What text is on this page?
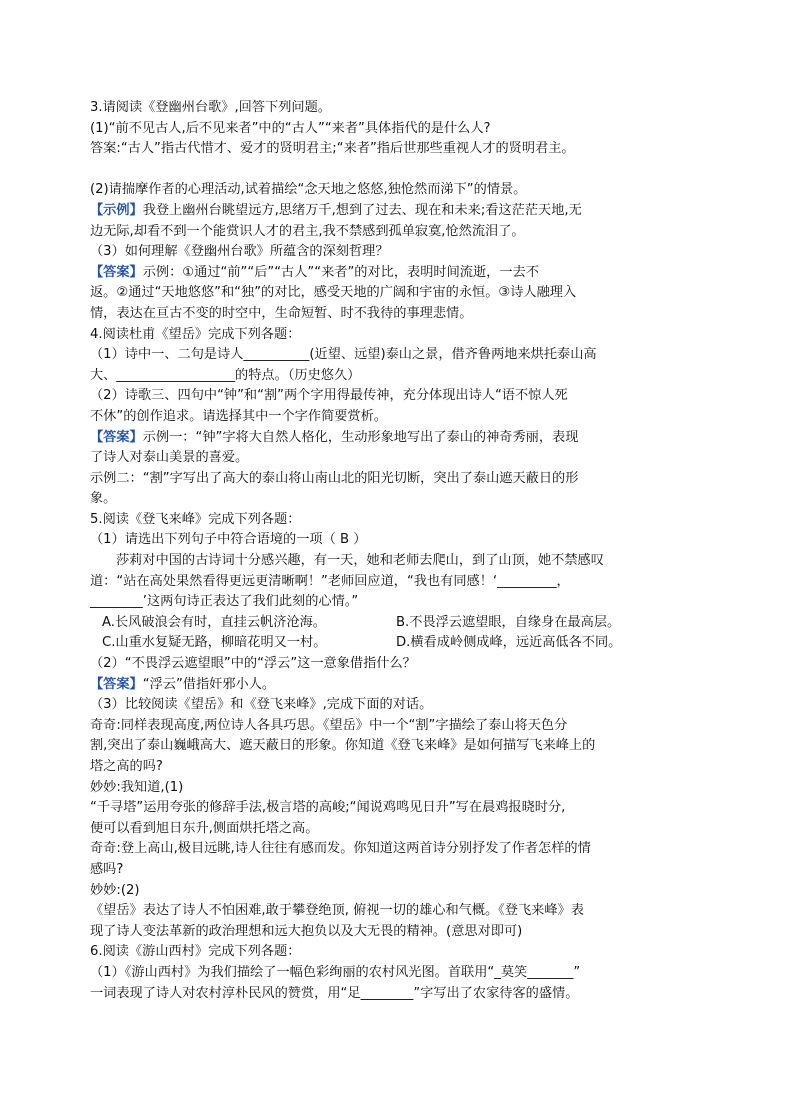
3.请阅读《登幽州台歌》,回答下列问题。
(1)“前不见古人,后不见来者”中的“古人”“来者”具体指代的是什么人?
答案:“古人”指古代惜才、爱才的贤明君主;“来者”指后世那些重视人才的贤明君主。
(2)请揣摩作者的心理活动,试着描绘“念天地之悠悠,独怆然而涕下”的情景。
【示例】我登上幽州台眺望远方,思绪万千,想到了过去、现在和未来;看这茫茫天地,无
边无际,却看不到一个能赏识人才的君主,我不禁感到孤单寂寞,怆然流泪了。
（3）如何理解《登幽州台歌》所蕴含的深刻哲理？
【答案】示例：①通过“前”“后”“古人”“来者”的对比，表明时间流逝，一去不
返。②通过“天地悠悠”和“独”的对比，感受天地的广阔和宇宙的永恒。③诗人融理入
情，表达在亘古不变的时空中，生命短暂、时不我待的事理悲情。
4.阅读杜甫《望岳》完成下列各题：
（1）诗中一、二句是诗人__________(近望、远望)泰山之景，借齐鲁两地来烘托泰山高
大、__________________的特点。（历史悠久）
（2）诗歌三、四句中“钟”和“割”两个字用得最传神，充分体现出诗人“语不惊人死
不休”的创作追求。请选择其中一个字作简要赏析。
【答案】示例一：“钟”字将大自然人格化，生动形象地写出了泰山的神奇秀丽，表现
了诗人对泰山美景的喜爱。
示例二：“割”字写出了高大的泰山将山南山北的阳光切断，突出了泰山遮天蔽日的形
象。
5.阅读《登飞来峰》完成下列各题：
（1）请选出下列句子中符合语境的一项（ B ）
莎莉对中国的古诗词十分感兴趣，有一天，她和老师去爬山，到了山顶，她不禁感叹
道：“站在高处果然看得更远更清晰啊！”老师回应道，“我也有同感！‘_________，
________’这两句诗正表达了我们此刻的心情。”
A.长风破浪会有时，直挂云帆济沧海。	B.不畏浮云遮望眼，自缘身在最高层。
C.山重水复疑无路，柳暗花明又一村。	D.横看成岭侧成峰，远近高低各不同。
（2）“不畏浮云遮望眼”中的“浮云”这一意象借指什么？
【答案】“浮云”借指奸邪小人。
（3）比较阅读《望岳》和《登飞来峰》,完成下面的对话。
奇奇:同样表现高度,两位诗人各具巧思。《望岳》中一个“割”字描绘了泰山将天色分
割,突出了泰山巍峨高大、遮天蔽日的形象。你知道《登飞来峰》是如何描写飞来峰上的
塔之高的吗?
妙妙:我知道,(1)
“千寻塔”运用夸张的修辞手法,极言塔的高峻;“闻说鸡鸣见日升”写在晨鸡报晓时分,
便可以看到旭日东升,侧面烘托塔之高。
奇奇:登上高山,极目远眺,诗人往往有感而发。你知道这两首诗分别抒发了作者怎样的情
感吗?
妙妙:(2)
《望岳》表达了诗人不怕困难,敢于攀登绝顶, 俯视一切的雄心和气概。《登飞来峰》表
现了诗人变法革新的政治理想和远大抱负以及大无畏的精神。(意思对即可)
6.阅读《游山西村》完成下列各题：
（1）《游山西村》为我们描绘了一幅色彩绚丽的农村风光图。首联用“_莫笑_______”
一词表现了诗人对农村淳朴民风的赞赏，用“足________”字写出了农家待客的盛情。
